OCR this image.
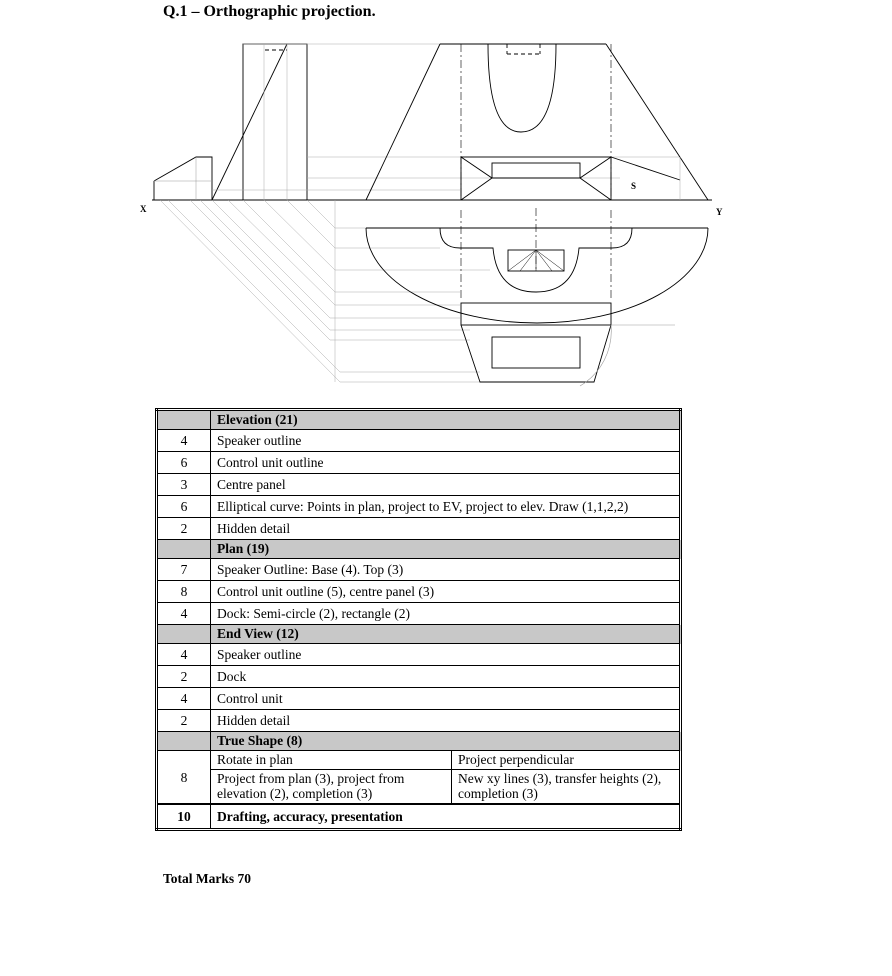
Q.1 – Orthographic projection.
X	Y
S
	Elevation (21)	
4	Speaker outline	
6	Control unit outline	
3	Centre panel	
6	Elliptical curve: Points in plan, project to EV, project to elev. Draw (1,1,2,2)	
2	Hidden detail	
	Plan (19)	
7	Speaker Outline: Base (4). Top (3)	
8	Control unit outline (5), centre panel (3)	
4	Dock: Semi-circle (2), rectangle (2)	
	End View (12)	
4	Speaker outline	
2	Dock	
4	Control unit	
2	Hidden detail	
	True Shape (8)	
8	Rotate in plan	Project perpendicular
	Project from plan (3), project from elevation (2), completion (3)	New xy lines (3), transfer heights (2), completion (3)
10	Drafting, accuracy, presentation	
Total Marks 70
